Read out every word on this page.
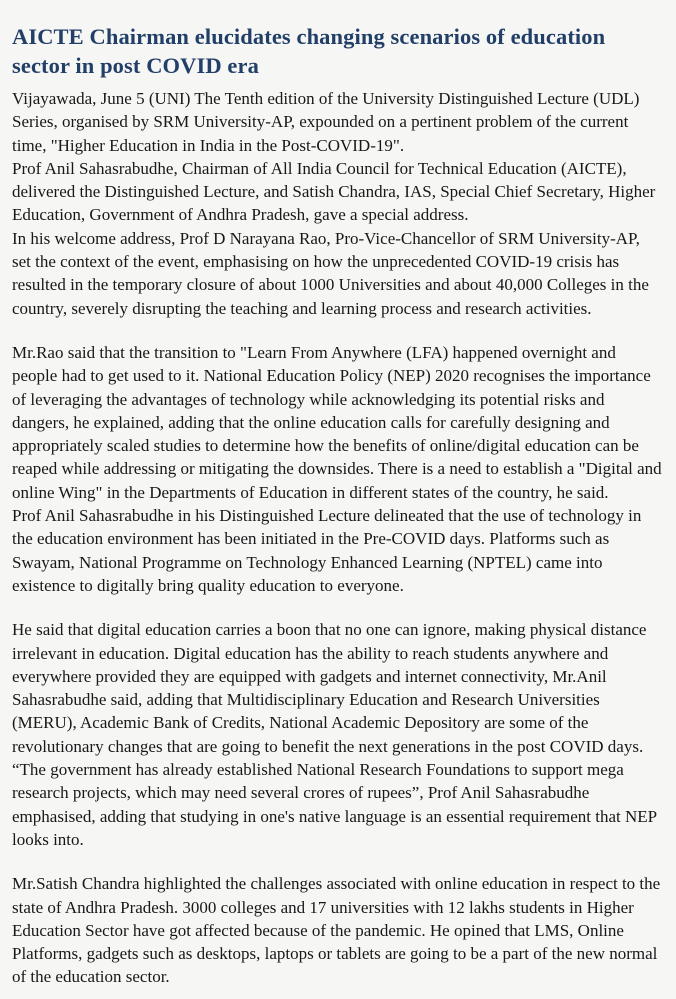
AICTE Chairman elucidates changing scenarios of education sector in post COVID era

Vijayawada, June 5 (UNI) The Tenth edition of the University Distinguished Lecture (UDL) Series, organised by SRM University-AP, expounded on a pertinent problem of the current time, "Higher Education in India in the Post-COVID-19".

Prof Anil Sahasrabudhe, Chairman of All India Council for Technical Education (AICTE), delivered the Distinguished Lecture, and Satish Chandra, IAS, Special Chief Secretary, Higher Education, Government of Andhra Pradesh, gave a special address.

In his welcome address, Prof D Narayana Rao, Pro-Vice-Chancellor of SRM University-AP, set the context of the event, emphasising on how the unprecedented COVID-19 crisis has resulted in the temporary closure of about 1000 Universities and about 40,000 Colleges in the country, severely disrupting the teaching and learning process and research activities.

Mr.Rao said that the transition to "Learn From Anywhere (LFA) happened overnight and people had to get used to it. National Education Policy (NEP) 2020 recognises the importance of leveraging the advantages of technology while acknowledging its potential risks and dangers, he explained, adding that the online education calls for carefully designing and appropriately scaled studies to determine how the benefits of online/digital education can be reaped while addressing or mitigating the downsides. There is a need to establish a "Digital and online Wing" in the Departments of Education in different states of the country, he said.

Prof Anil Sahasrabudhe in his Distinguished Lecture delineated that the use of technology in the education environment has been initiated in the Pre-COVID days. Platforms such as Swayam, National Programme on Technology Enhanced Learning (NPTEL) came into existence to digitally bring quality education to everyone.

He said that digital education carries a boon that no one can ignore, making physical distance irrelevant in education. Digital education has the ability to reach students anywhere and everywhere provided they are equipped with gadgets and internet connectivity, Mr.Anil Sahasrabudhe said, adding that Multidisciplinary Education and Research Universities (MERU), Academic Bank of Credits, National Academic Depository are some of the revolutionary changes that are going to benefit the next generations in the post COVID days.

“The government has already established National Research Foundations to support mega research projects, which may need several crores of rupees”, Prof Anil Sahasrabudhe emphasised, adding that studying in one's native language is an essential requirement that NEP looks into.

Mr.Satish Chandra highlighted the challenges associated with online education in respect to the state of Andhra Pradesh. 3000 colleges and 17 universities with 12 lakhs students in Higher Education Sector have got affected because of the pandemic. He opined that LMS, Online Platforms, gadgets such as desktops, laptops or tablets are going to be a part of the new normal of the education sector.
